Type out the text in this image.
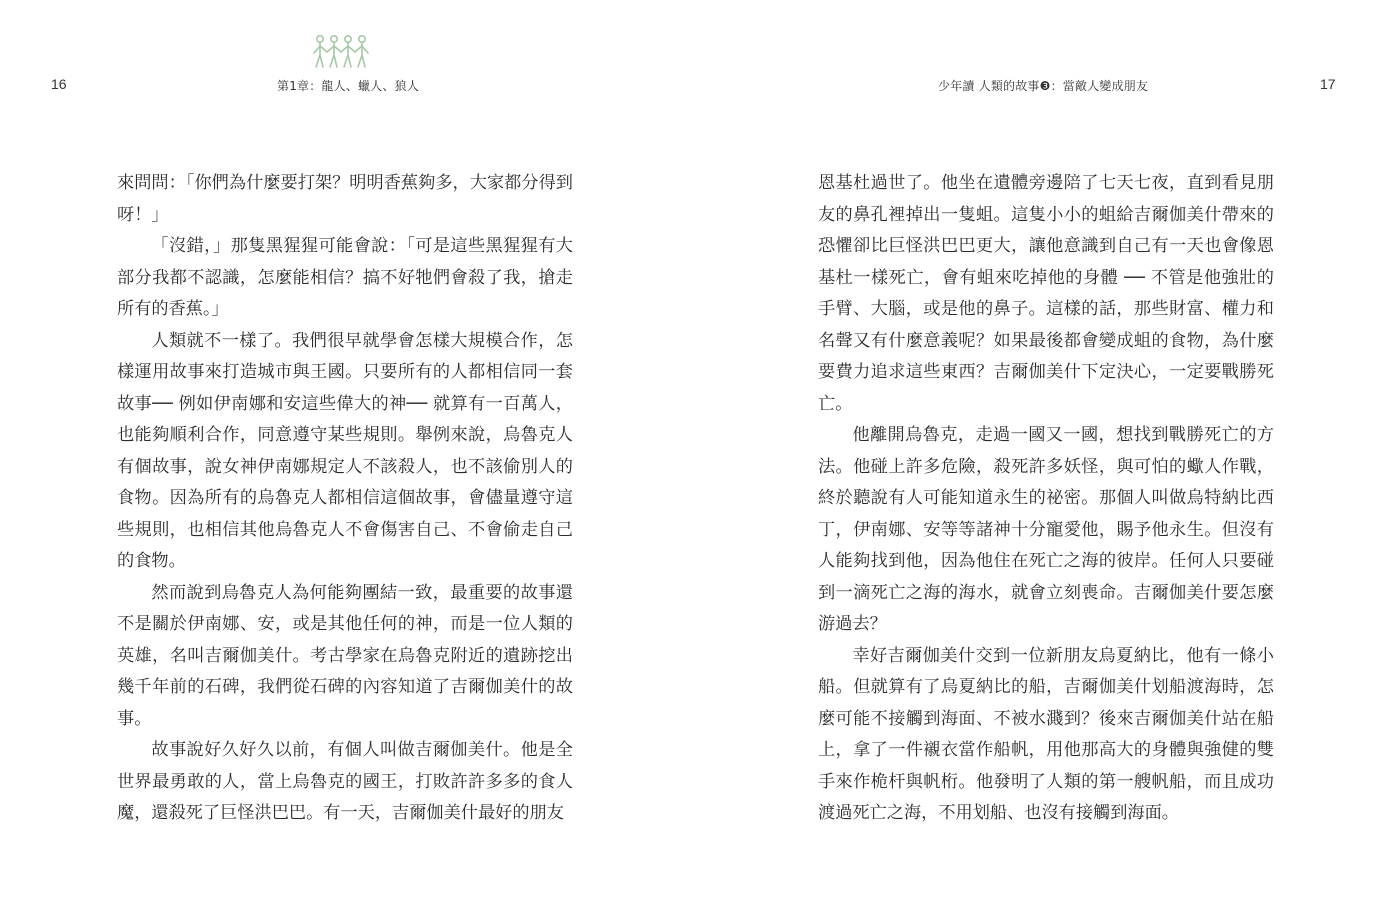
16	第1章：龍人、蠟人、狼人

來問問：「你們為什麼要打架？明明香蕉夠多，大家都分得到呀！」

「沒錯，」那隻黑猩猩可能會說：「可是這些黑猩猩有大部分我都不認識，怎麼能相信？搞不好牠們會殺了我，搶走所有的香蕉。」

人類就不一樣了。我們很早就學會怎樣大規模合作，怎樣運用故事來打造城市與王國。只要所有的人都相信同一套故事── 例如伊南娜和安這些偉大的神── 就算有一百萬人，也能夠順利合作，同意遵守某些規則。舉例來說，烏魯克人有個故事，說女神伊南娜規定人不該殺人，也不該偷別人的食物。因為所有的烏魯克人都相信這個故事，會儘量遵守這些規則，也相信其他烏魯克人不會傷害自己、不會偷走自己的食物。

然而說到烏魯克人為何能夠團結一致，最重要的故事還不是關於伊南娜、安，或是其他任何的神，而是一位人類的英雄，名叫吉爾伽美什。考古學家在烏魯克附近的遺跡挖出幾千年前的石碑，我們從石碑的內容知道了吉爾伽美什的故事。

故事說好久好久以前，有個人叫做吉爾伽美什。他是全世界最勇敢的人，當上烏魯克的國王，打敗許許多多的食人魔，還殺死了巨怪洪巴巴。有一天，吉爾伽美什最好的朋友

少年讀 人類的故事❸：當敵人變成朋友	17

恩基杜過世了。他坐在遺體旁邊陪了七天七夜，直到看見朋友的鼻孔裡掉出一隻蛆。這隻小小的蛆給吉爾伽美什帶來的恐懼卻比巨怪洪巴巴更大，讓他意識到自己有一天也會像恩基杜一樣死亡，會有蛆來吃掉他的身體 ── 不管是他強壯的手臂、大腦，或是他的鼻子。這樣的話，那些財富、權力和名聲又有什麼意義呢？如果最後都會變成蛆的食物，為什麼要費力追求這些東西？吉爾伽美什下定決心，一定要戰勝死亡。

他離開烏魯克，走過一國又一國，想找到戰勝死亡的方法。他碰上許多危險，殺死許多妖怪，與可怕的蠍人作戰，終於聽說有人可能知道永生的祕密。那個人叫做烏特納比西丁，伊南娜、安等等諸神十分寵愛他，賜予他永生。但沒有人能夠找到他，因為他住在死亡之海的彼岸。任何人只要碰到一滴死亡之海的海水，就會立刻喪命。吉爾伽美什要怎麼游過去？

幸好吉爾伽美什交到一位新朋友烏夏納比，他有一條小船。但就算有了烏夏納比的船，吉爾伽美什划船渡海時，怎麼可能不接觸到海面、不被水濺到？後來吉爾伽美什站在船上，拿了一件襯衣當作船帆，用他那高大的身體與強健的雙手來作桅杆與帆桁。他發明了人類的第一艘帆船，而且成功渡過死亡之海，不用划船、也沒有接觸到海面。
